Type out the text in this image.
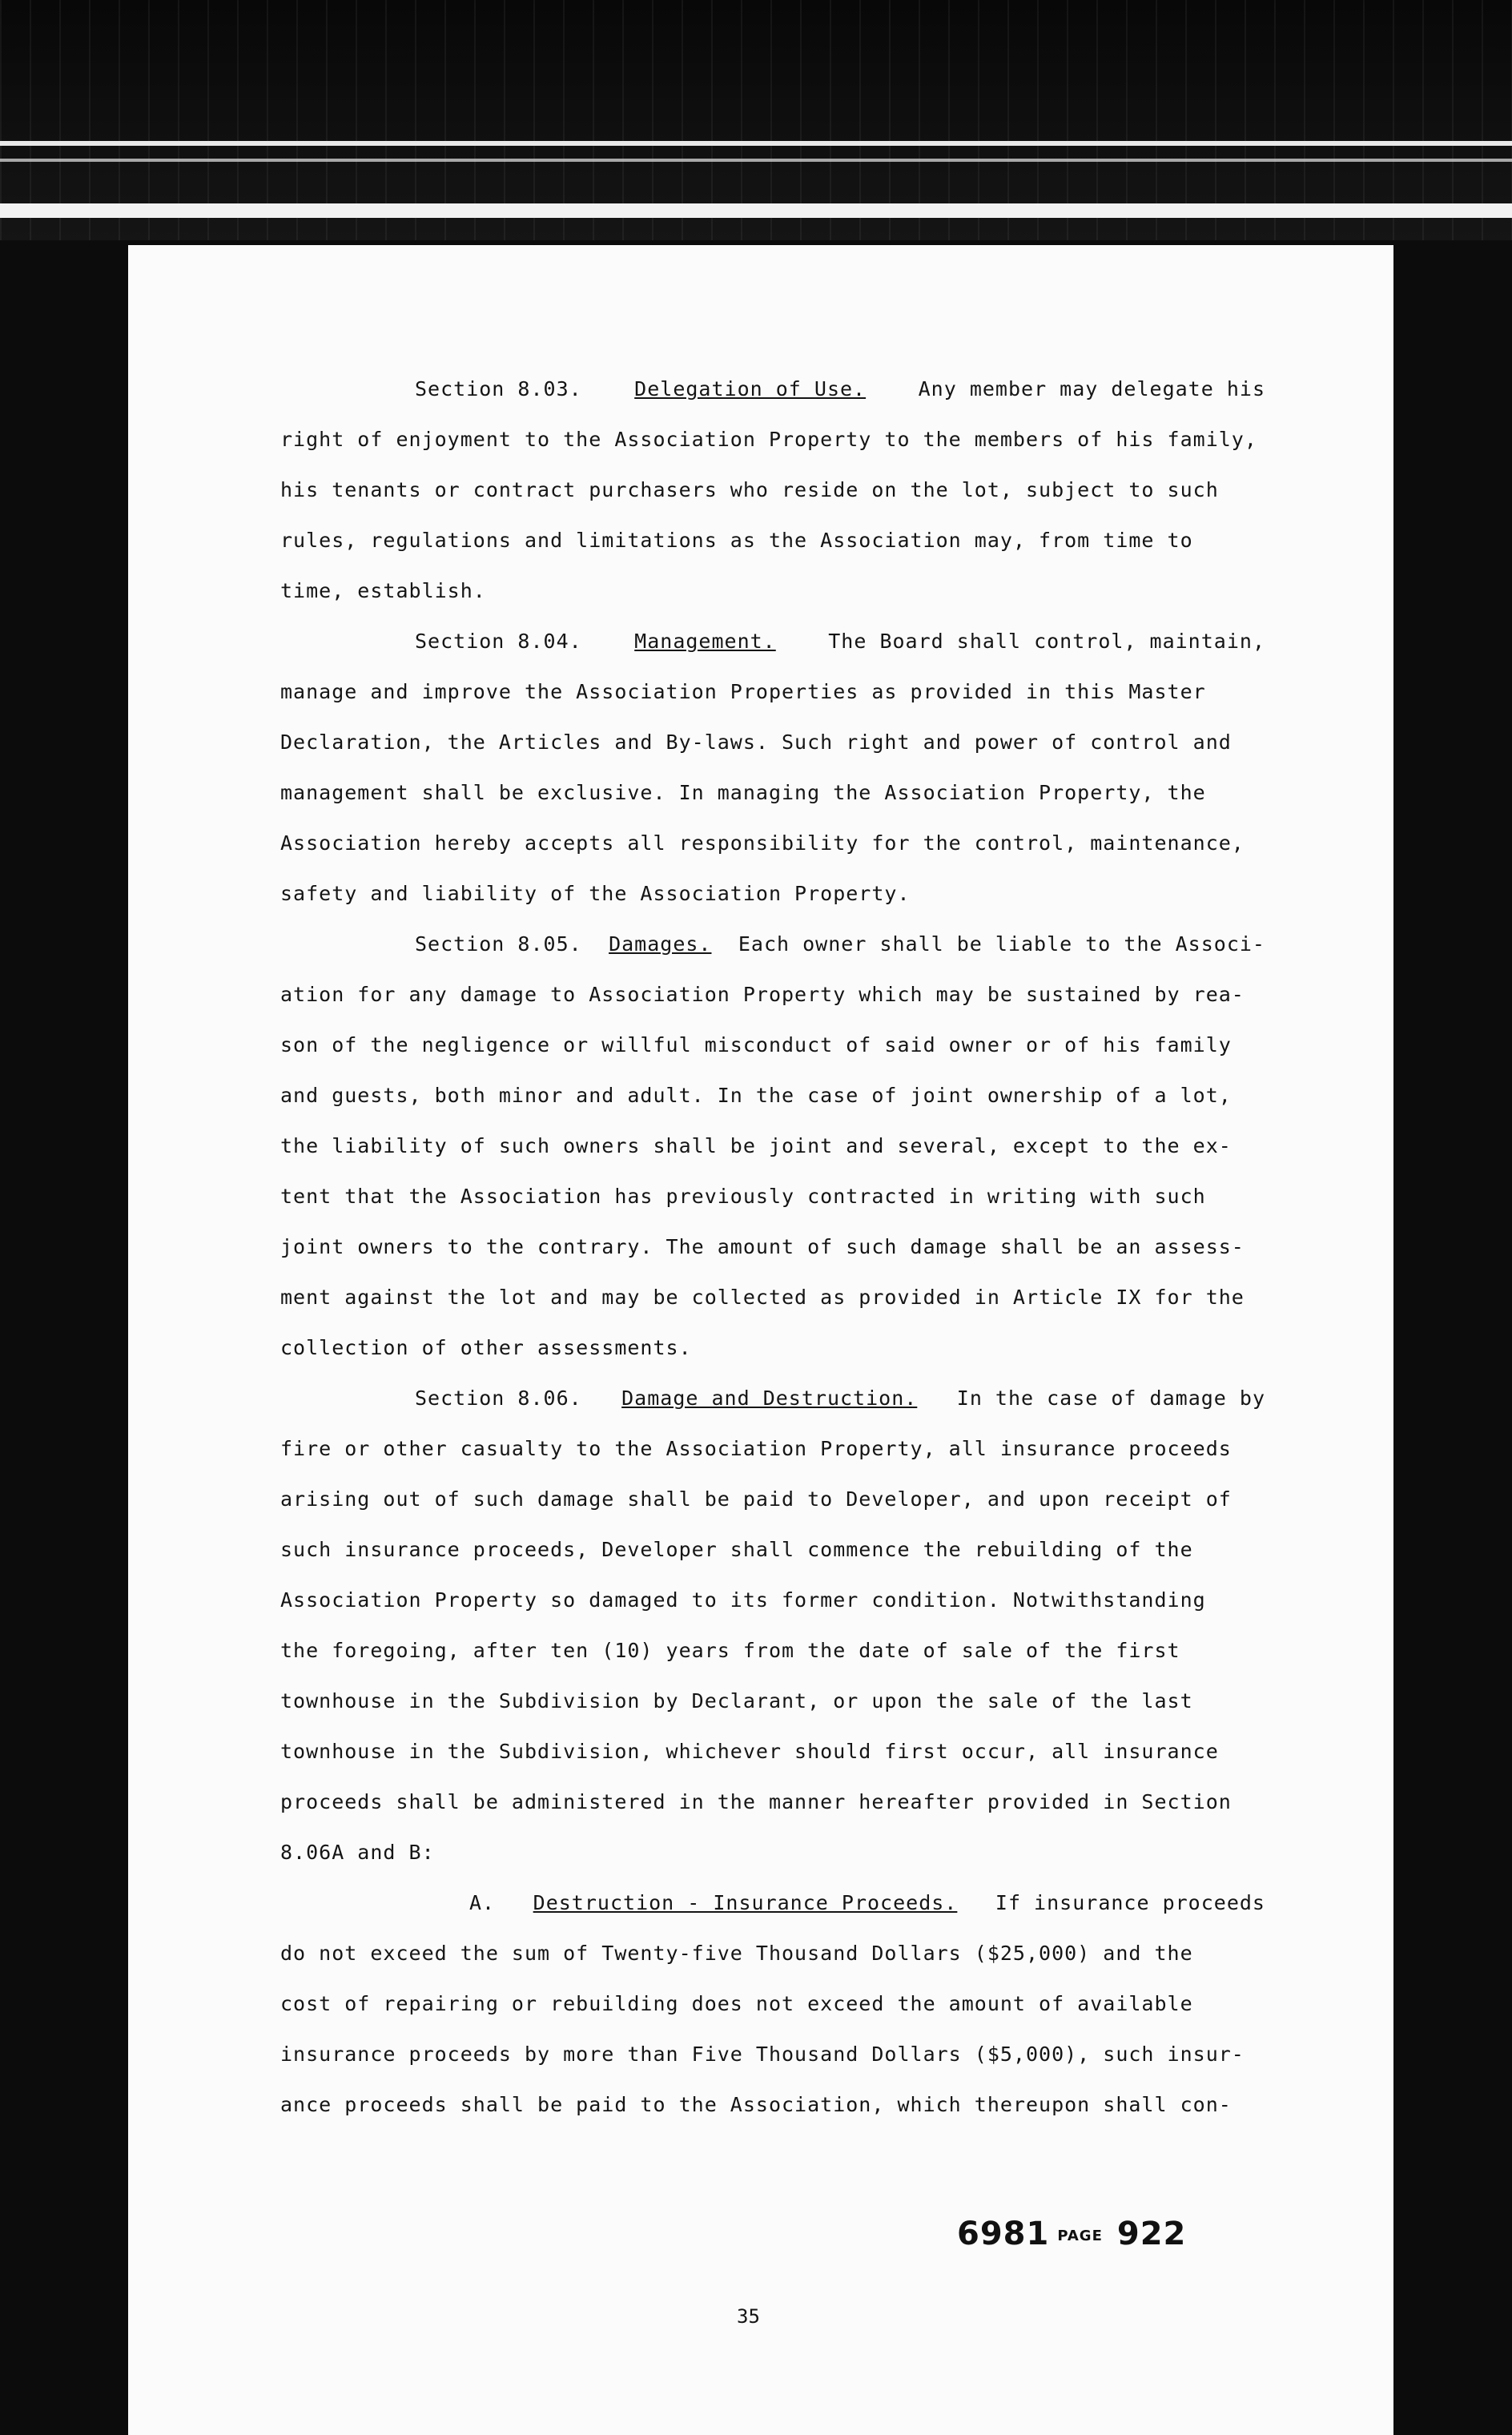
Section 8.03.	Delegation of Use.	Any member may delegate his
right of enjoyment to the Association Property to the members of his family,
his tenants or contract purchasers who reside on the lot, subject to such
rules, regulations and limitations as the Association may, from time to
time, establish.
Section 8.04.	Management.	The Board shall control, maintain,
manage and improve the Association Properties as provided in this Master
Declaration, the Articles and By-laws. Such right and power of control and
management shall be exclusive. In managing the Association Property, the
Association hereby accepts all responsibility for the control, maintenance,
safety and liability of the Association Property.
Section 8.05. Damages. Each owner shall be liable to the Associ-
ation for any damage to Association Property which may be sustained by rea-
son of the negligence or willful misconduct of said owner or of his family
and guests, both minor and adult. In the case of joint ownership of a lot,
the liability of such owners shall be joint and several, except to the ex-
tent that the Association has previously contracted in writing with such
joint owners to the contrary. The amount of such damage shall be an assess-
ment against the lot and may be collected as provided in Article IX for the
collection of other assessments.
Section 8.06. Damage and Destruction. In the case of damage by
fire or other casualty to the Association Property, all insurance proceeds
arising out of such damage shall be paid to Developer, and upon receipt of
such insurance proceeds, Developer shall commence the rebuilding of the
Association Property so damaged to its former condition. Notwithstanding
the foregoing, after ten (10) years from the date of sale of the first
townhouse in the Subdivision by Declarant, or upon the sale of the last
townhouse in the Subdivision, whichever should first occur, all insurance
proceeds shall be administered in the manner hereafter provided in Section
8.06A and B:
A. Destruction - Insurance Proceeds. If insurance proceeds
do not exceed the sum of Twenty-five Thousand Dollars ($25,000) and the
cost of repairing or rebuilding does not exceed the amount of available
insurance proceeds by more than Five Thousand Dollars ($5,000), such insur-
ance proceeds shall be paid to the Association, which thereupon shall con-
6981 PAGE 922
35
